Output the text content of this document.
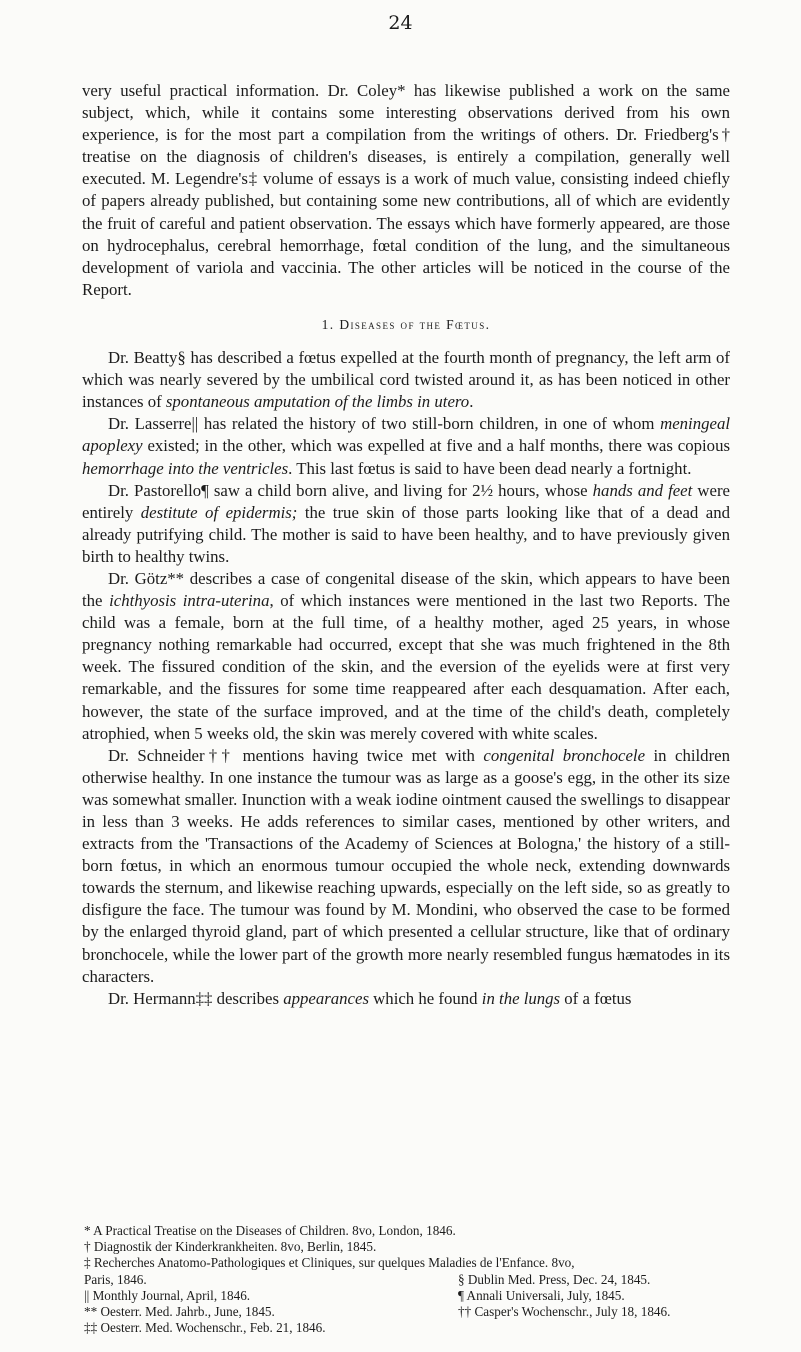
24

very useful practical information. Dr. Coley* has likewise published a work on the same subject, which, while it contains some interesting observations derived from his own experience, is for the most part a compilation from the writings of others. Dr. Friedberg's† treatise on the diagnosis of children's diseases, is entirely a compilation, generally well executed. M. Legendre's‡ volume of essays is a work of much value, consisting indeed chiefly of papers already published, but containing some new contributions, all of which are evidently the fruit of careful and patient observation. The essays which have formerly appeared, are those on hydrocephalus, cerebral hemorrhage, fœtal condition of the lung, and the simultaneous development of variola and vaccinia. The other articles will be noticed in the course of the Report.

1. Diseases of the Fœtus.

Dr. Beatty§ has described a fœtus expelled at the fourth month of pregnancy, the left arm of which was nearly severed by the umbilical cord twisted around it, as has been noticed in other instances of spontaneous amputation of the limbs in utero.

Dr. Lasserre|| has related the history of two still-born children, in one of whom meningeal apoplexy existed; in the other, which was expelled at five and a half months, there was copious hemorrhage into the ventricles. This last fœtus is said to have been dead nearly a fortnight.

Dr. Pastorello¶ saw a child born alive, and living for 2½ hours, whose hands and feet were entirely destitute of epidermis; the true skin of those parts looking like that of a dead and already putrifying child. The mother is said to have been healthy, and to have previously given birth to healthy twins.

Dr. Götz** describes a case of congenital disease of the skin, which appears to have been the ichthyosis intra-uterina, of which instances were mentioned in the last two Reports. The child was a female, born at the full time, of a healthy mother, aged 25 years, in whose pregnancy nothing remarkable had occurred, except that she was much frightened in the 8th week. The fissured condition of the skin, and the eversion of the eyelids were at first very remarkable, and the fissures for some time reappeared after each desquamation. After each, however, the state of the surface improved, and at the time of the child's death, completely atrophied, when 5 weeks old, the skin was merely covered with white scales.

Dr. Schneider†† mentions having twice met with congenital bronchocele in children otherwise healthy. In one instance the tumour was as large as a goose's egg, in the other its size was somewhat smaller. Inunction with a weak iodine ointment caused the swellings to disappear in less than 3 weeks. He adds references to similar cases, mentioned by other writers, and extracts from the 'Transactions of the Academy of Sciences at Bologna,' the history of a still-born fœtus, in which an enormous tumour occupied the whole neck, extending downwards towards the sternum, and likewise reaching upwards, especially on the left side, so as greatly to disfigure the face. The tumour was found by M. Mondini, who observed the case to be formed by the enlarged thyroid gland, part of which presented a cellular structure, like that of ordinary bronchocele, while the lower part of the growth more nearly resembled fungus hæmatodes in its characters.

Dr. Hermann‡‡ describes appearances which he found in the lungs of a fœtus

* A Practical Treatise on the Diseases of Children. 8vo, London, 1846.
† Diagnostik der Kinderkrankheiten. 8vo, Berlin, 1845.
‡ Recherches Anatomo-Pathologiques et Cliniques, sur quelques Maladies de l'Enfance. 8vo,
Paris, 1846.	§ Dublin Med. Press, Dec. 24, 1845.
|| Monthly Journal, April, 1846.	¶ Annali Universali, July, 1845.
** Oesterr. Med. Jahrb., June, 1845.	†† Casper's Wochenschr., July 18, 1846.
‡‡ Oesterr. Med. Wochenschr., Feb. 21, 1846.
